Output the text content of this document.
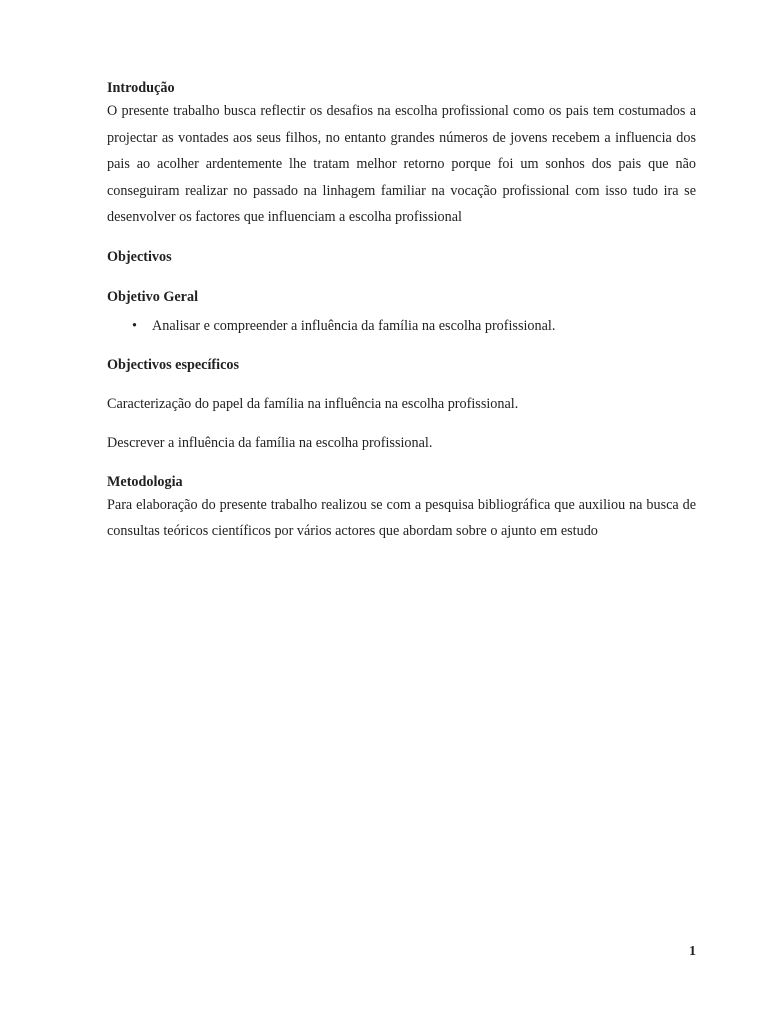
Introdução

O presente trabalho busca reflectir os desafios na escolha profissional como os pais tem costumados a projectar as vontades aos seus filhos, no entanto grandes números de jovens recebem a influencia dos pais ao acolher ardentemente lhe tratam melhor retorno porque foi um sonhos dos pais que não conseguiram realizar no passado na linhagem familiar na vocação profissional com isso tudo ira se desenvolver os factores que influenciam a escolha profissional

Objectivos

Objetivo Geral

• Analisar e compreender a influência da família na escolha profissional.

Objectivos específicos

Caracterização do papel da família na influência na escolha profissional.

Descrever a influência da família na escolha profissional.

Metodologia

Para elaboração do presente trabalho realizou se com a pesquisa bibliográfica que auxiliou na busca de consultas teóricos científicos por vários actores que abordam sobre o ajunto em estudo

1
